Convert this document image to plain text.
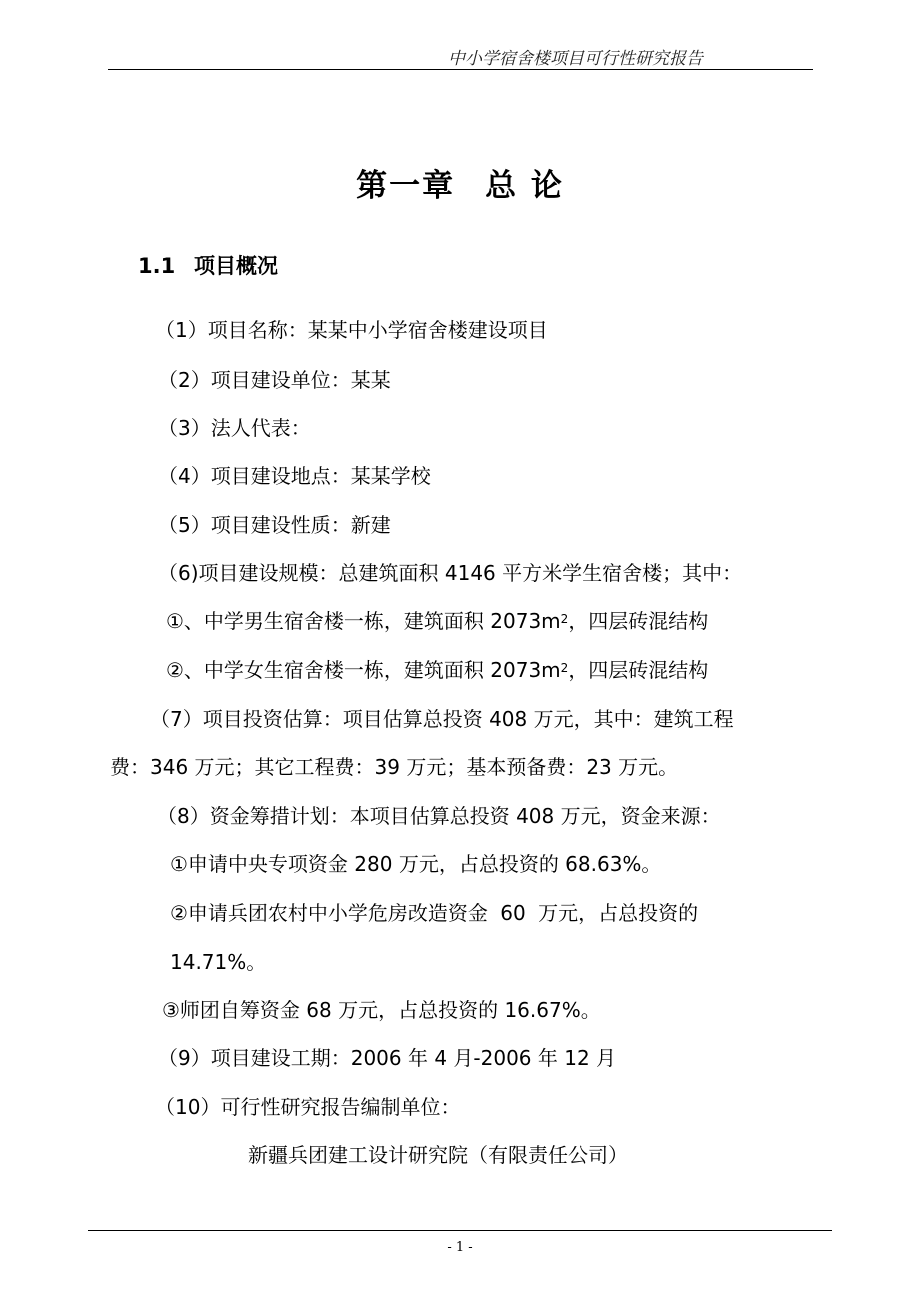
中小学宿舍楼项目可行性研究报告
第一章 总 论
1.1 项目概况
（1）项目名称：某某中小学宿舍楼建设项目
（2）项目建设单位：某某
（3）法人代表：
（4）项目建设地点：某某学校
（5）项目建设性质：新建
（6)项目建设规模：总建筑面积 4146 平方米学生宿舍楼；其中：
①、中学男生宿舍楼一栋，建筑面积 $2073m^2$，四层砖混结构
②、中学女生宿舍楼一栋，建筑面积 $2073m^2$，四层砖混结构
（7）项目投资估算：项目估算总投资 408 万元，其中：建筑工程
费：346 万元；其它工程费：39 万元；基本预备费：23 万元。
（8）资金筹措计划：本项目估算总投资 408 万元，资金来源：
①申请中央专项资金 280 万元，占总投资的 68.63%。
②申请兵团农村中小学危房改造资金 60 万元，占总投资的
14.71%。
③师团自筹资金 68 万元，占总投资的 16.67%。
（9）项目建设工期：2006 年 4 月-2006 年 12 月
（10）可行性研究报告编制单位：
新疆兵团建工设计研究院（有限责任公司）
- 1 -
